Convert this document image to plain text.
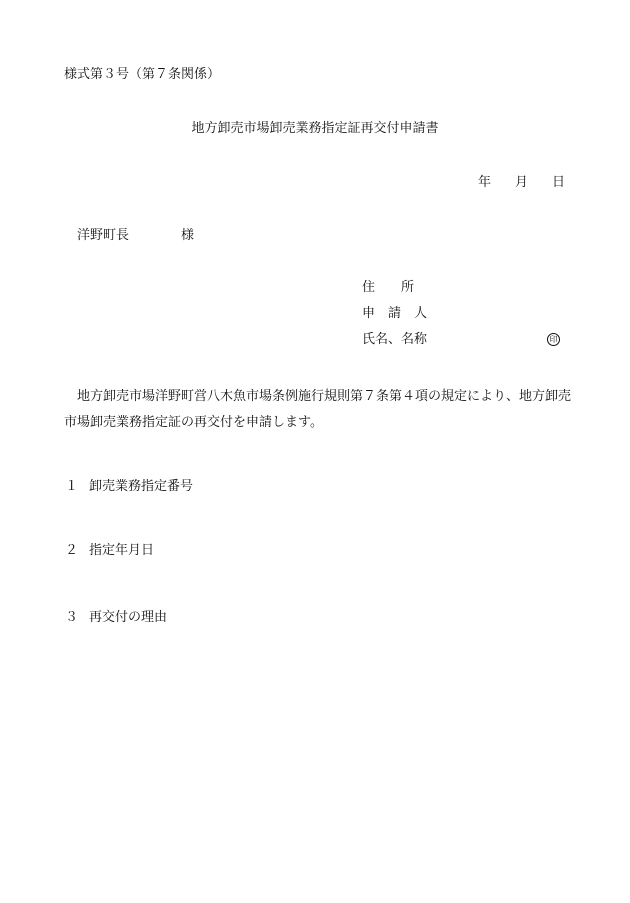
様式第３号（第７条関係）
地方卸売市場卸売業務指定証再交付申請書
年 月 日
洋野町長	様
住　　所
申　請　人
氏名、名称	印
地方卸売市場洋野町営八木魚市場条例施行規則第７条第４項の規定により、地方卸売市場卸売業務指定証の再交付を申請します。
１ 卸売業務指定番号
２ 指定年月日
３ 再交付の理由
